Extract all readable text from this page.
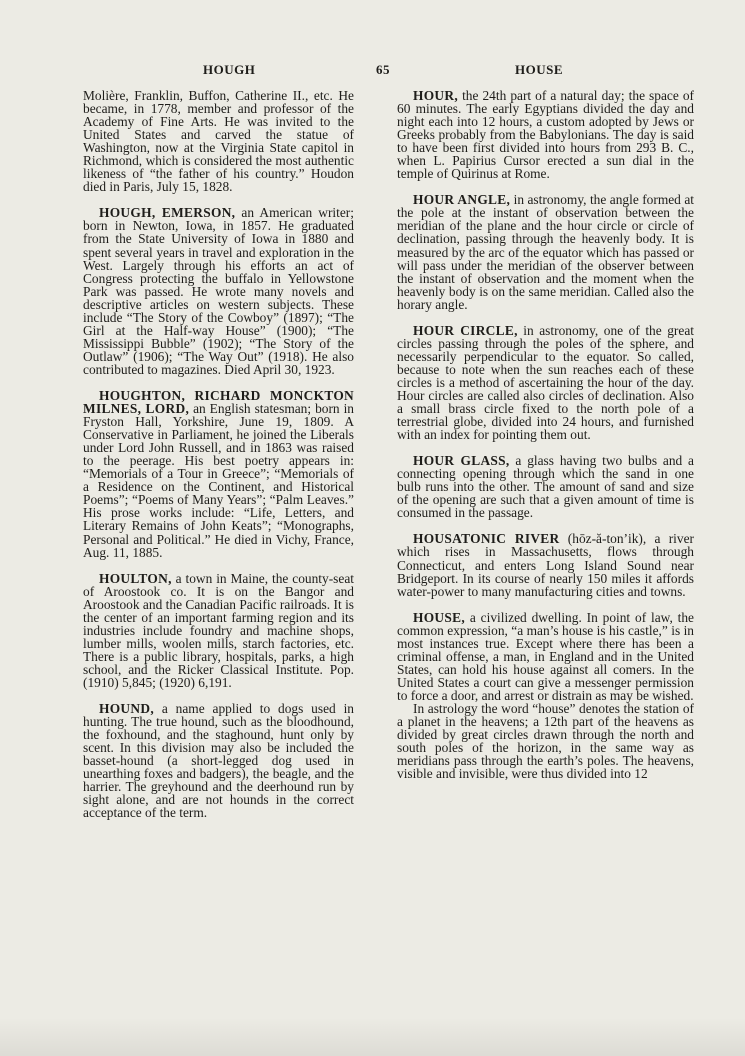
HOUGH	65	HOUSE

Molière, Franklin, Buffon, Catherine II., etc. He became, in 1778, member and professor of the Academy of Fine Arts. He was invited to the United States and carved the statue of Washington, now at the Virginia State capitol in Richmond, which is considered the most authentic likeness of “the father of his country.” Houdon died in Paris, July 15, 1828.

HOUGH, EMERSON, an American writer; born in Newton, Iowa, in 1857. He graduated from the State University of Iowa in 1880 and spent several years in travel and exploration in the West. Largely through his efforts an act of Congress protecting the buffalo in Yellowstone Park was passed. He wrote many novels and descriptive articles on western subjects. These include “The Story of the Cowboy” (1897); “The Girl at the Half-way House” (1900); “The Mississippi Bubble” (1902); “The Story of the Outlaw” (1906); “The Way Out” (1918). He also contributed to magazines. Died April 30, 1923.

HOUGHTON, RICHARD MONCKTON MILNES, LORD, an English statesman; born in Fryston Hall, Yorkshire, June 19, 1809. A Conservative in Parliament, he joined the Liberals under Lord John Russell, and in 1863 was raised to the peerage. His best poetry appears in: “Memorials of a Tour in Greece”; “Memorials of a Residence on the Continent, and Historical Poems”; “Poems of Many Years”; “Palm Leaves.” His prose works include: “Life, Letters, and Literary Remains of John Keats”; “Monographs, Personal and Political.” He died in Vichy, France, Aug. 11, 1885.

HOULTON, a town in Maine, the county-seat of Aroostook co. It is on the Bangor and Aroostook and the Canadian Pacific railroads. It is the center of an important farming region and its industries include foundry and machine shops, lumber mills, woolen mills, starch factories, etc. There is a public library, hospitals, parks, a high school, and the Ricker Classical Institute. Pop. (1910) 5,845; (1920) 6,191.

HOUND, a name applied to dogs used in hunting. The true hound, such as the bloodhound, the foxhound, and the staghound, hunt only by scent. In this division may also be included the basset-hound (a short-legged dog used in unearthing foxes and badgers), the beagle, and the harrier. The greyhound and the deerhound run by sight alone, and are not hounds in the correct acceptance of the term.

HOUR, the 24th part of a natural day; the space of 60 minutes. The early Egyptians divided the day and night each into 12 hours, a custom adopted by Jews or Greeks probably from the Babylonians. The day is said to have been first divided into hours from 293 B. C., when L. Papirius Cursor erected a sun dial in the temple of Quirinus at Rome.

HOUR ANGLE, in astronomy, the angle formed at the pole at the instant of observation between the meridian of the plane and the hour circle or circle of declination, passing through the heavenly body. It is measured by the arc of the equator which has passed or will pass under the meridian of the observer between the instant of observation and the moment when the heavenly body is on the same meridian. Called also the horary angle.

HOUR CIRCLE, in astronomy, one of the great circles passing through the poles of the sphere, and necessarily perpendicular to the equator. So called, because to note when the sun reaches each of these circles is a method of ascertaining the hour of the day. Hour circles are called also circles of declination. Also a small brass circle fixed to the north pole of a terrestrial globe, divided into 24 hours, and furnished with an index for pointing them out.

HOUR GLASS, a glass having two bulbs and a connecting opening through which the sand in one bulb runs into the other. The amount of sand and size of the opening are such that a given amount of time is consumed in the passage.

HOUSATONIC RIVER (hōz-ă-ton’ik), a river which rises in Massachusetts, flows through Connecticut, and enters Long Island Sound near Bridgeport. In its course of nearly 150 miles it affords water-power to many manufacturing cities and towns.

HOUSE, a civilized dwelling. In point of law, the common expression, “a man’s house is his castle,” is in most instances true. Except where there has been a criminal offense, a man, in England and in the United States, can hold his house against all comers. In the United States a court can give a messenger permission to force a door, and arrest or distrain as may be wished.

In astrology the word “house” denotes the station of a planet in the heavens; a 12th part of the heavens as divided by great circles drawn through the north and south poles of the horizon, in the same way as meridians pass through the earth’s poles. The heavens, visible and invisible, were thus divided into 12
